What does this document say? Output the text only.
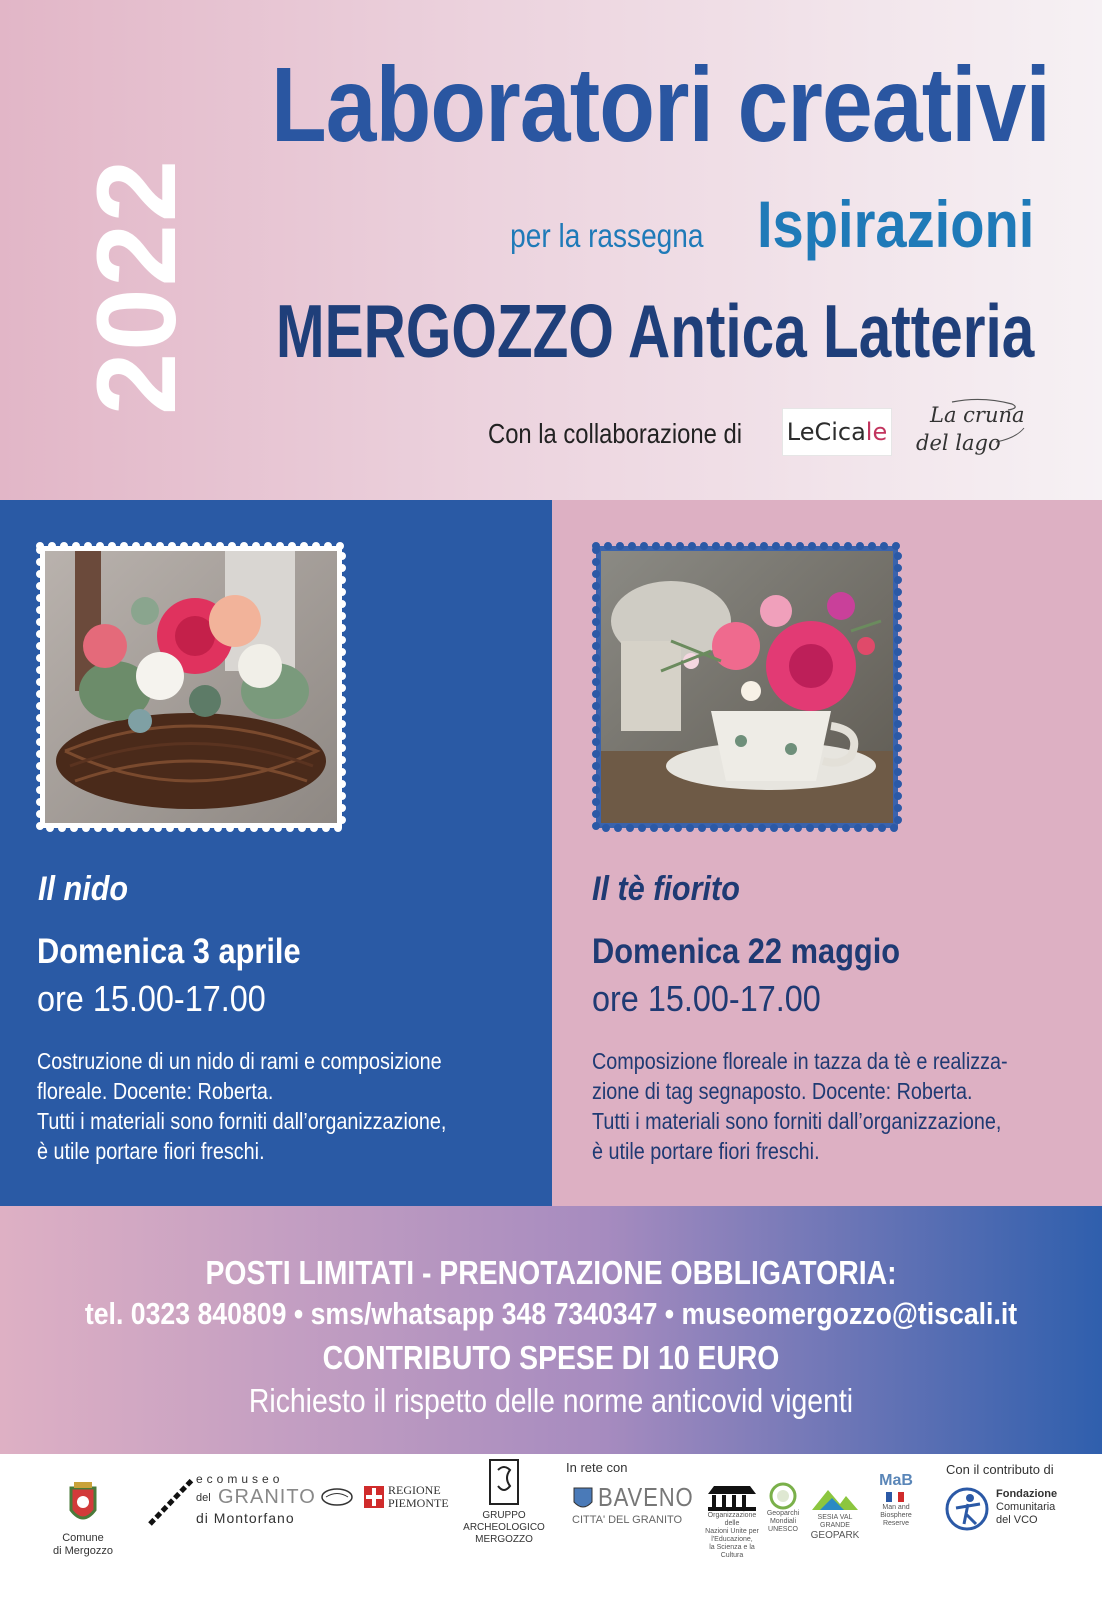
Laboratori creativi
per la rassegna Ispirazioni
MERGOZZO Antica Latteria
2022
Con la collaborazione di LeCica le
La cruna
del lago
Il nido
Domenica 3 aprile
ore 15.00-17.00
Costruzione di un nido di rami e composizione
floreale. Docente: Roberta.
Tutti i materiali sono forniti dall’organizzazione,
è utile portare fiori freschi.
Il tè fiorito
Domenica 22 maggio
ore 15.00-17.00
Composizione floreale in tazza da tè e realizza-
zione di tag segnaposto. Docente: Roberta.
Tutti i materiali sono forniti dall’organizzazione,
è utile portare fiori freschi.
POSTI LIMITATI - PRENOTAZIONE OBBLIGATORIA:
tel. 0323 840809 • sms/whatsapp 348 7340347 • museomergozzo@tiscali.it
CONTRIBUTO SPESE DI 10 EURO
Richiesto il rispetto delle norme anticovid vigenti
Comune
di Mergozzo
ecomuseo
del GRANITO
di Montorfano
REGIONE
PIEMONTE
GRUPPO
ARCHEOLOGICO
MERGOZZO
In rete con
BAVENO
CITTA' DEL GRANITO	Organizzazione delle
Nazioni Unite per l'Educazione,
la Scienza e la Cultura
Geoparchi
Mondiali
UNESCO
SESIA VAL GRANDE
GEOPARK
MaB
Man and
Biosphere
Reserve
Con il contributo di
Fondazione
Comunitaria
del VCO
